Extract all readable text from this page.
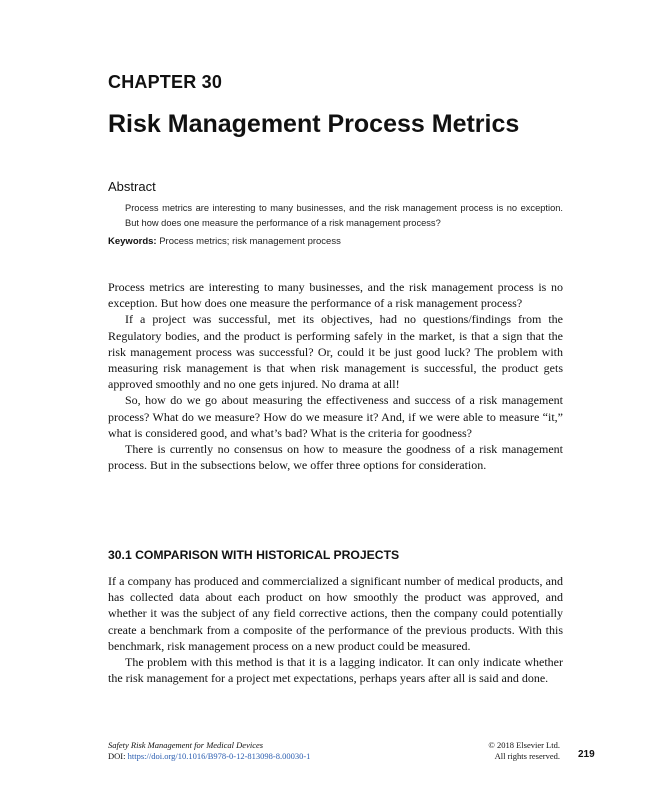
CHAPTER 30
Risk Management Process Metrics
Abstract

Process metrics are interesting to many businesses, and the risk management process is no exception. But how does one measure the performance of a risk management process?

Keywords: Process metrics; risk management process

Process metrics are interesting to many businesses, and the risk management process is no exception. But how does one measure the performance of a risk management process?

If a project was successful, met its objectives, had no questions/findings from the Regulatory bodies, and the product is performing safely in the market, is that a sign that the risk management process was successful? Or, could it be just good luck? The problem with measuring risk management is that when risk management is successful, the product gets approved smoothly and no one gets injured. No drama at all!

So, how do we go about measuring the effectiveness and success of a risk management process? What do we measure? How do we measure it? And, if we were able to measure “it,” what is considered good, and what’s bad? What is the criteria for goodness?

There is currently no consensus on how to measure the goodness of a risk management process. But in the subsections below, we offer three options for consideration.

30.1 COMPARISON WITH HISTORICAL PROJECTS

If a company has produced and commercialized a significant number of medical products, and has collected data about each product on how smoothly the product was approved, and whether it was the subject of any field corrective actions, then the company could potentially create a benchmark from a composite of the performance of the previous products. With this benchmark, risk management process on a new product could be measured.

The problem with this method is that it is a lagging indicator. It can only indicate whether the risk management for a project met expectations, perhaps years after all is said and done.

Safety Risk Management for Medical Devices
DOI: https://doi.org/10.1016/B978-0-12-813098-8.00030-1
© 2018 Elsevier Ltd.
All rights reserved. 219
